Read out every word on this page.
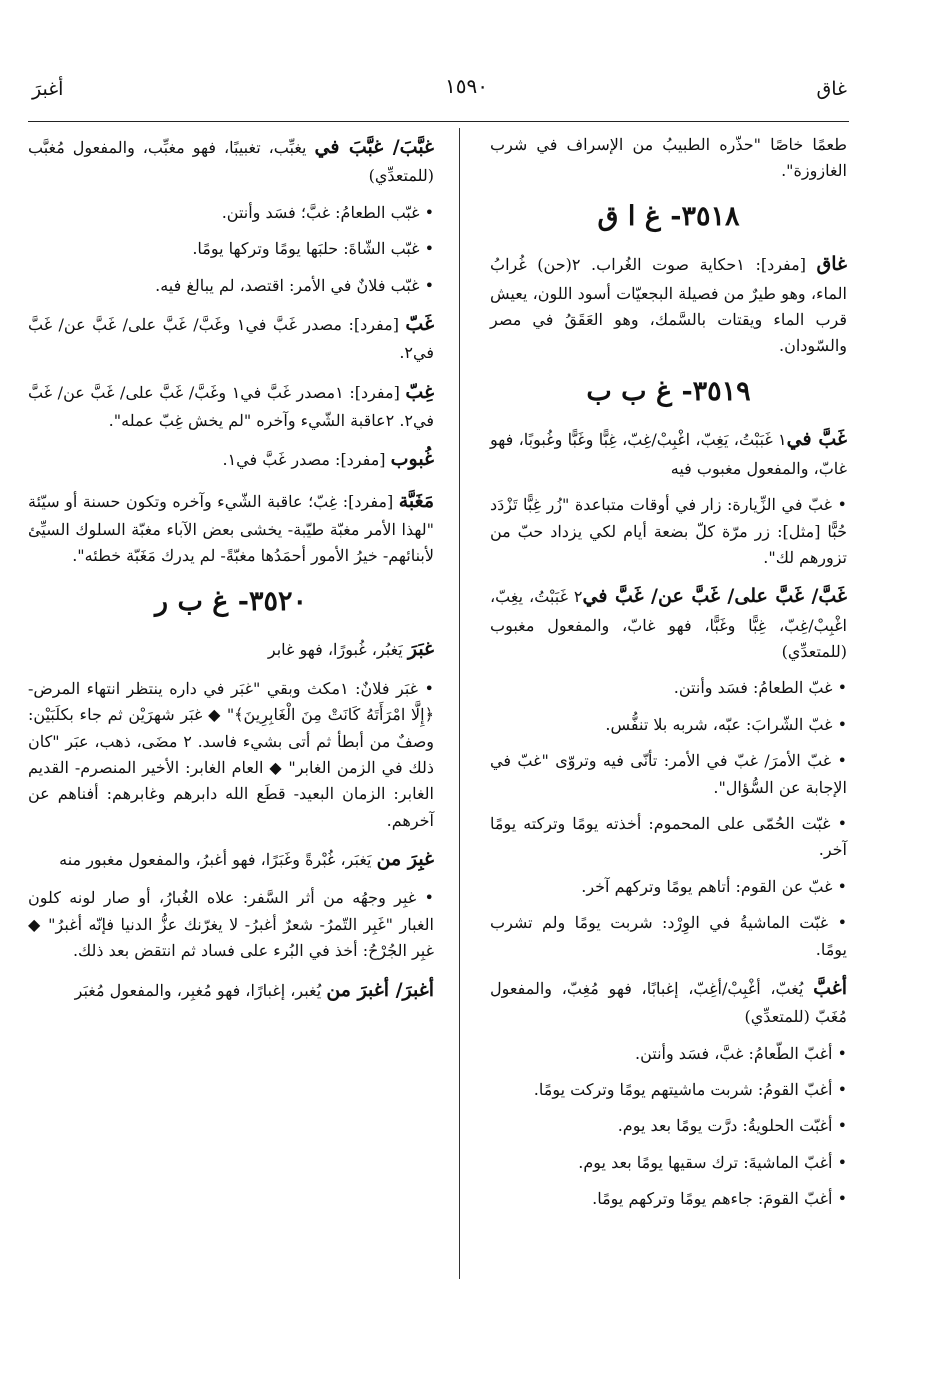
غاق
١٥٩٠
أغبرَ
طعمًا خاصًا "حذّره الطبيبُ من الإسراف في شرب الغازوزة".
٣٥١٨- غ ا ق
غاق [مفرد]: ١حكاية صوت الغُراب. ٢(حن) غُرابُ الماء، وهو طيرٌ من فصيلة البجعيّات أسود اللون، يعيش قرب الماء ويقتات بالسَّمك، وهو العَقَقُ في مصر والسّودان.
٣٥١٩- غ ب ب
غَبَّ في١ غَبَبْتُ، يَغِبّ، اغْبِبْ/غِبّ، غِبًّا وغَبًّا وغُبوبًا، فهو غابّ، والمفعول مغبوب فيه
• غبّ في الزِّيارة: زار في أوقات متباعدة "زُر غِبًّا تَزْدَد حُبًّا [مثل]: زر مرّة كلّ بضعة أيام لكي يزداد حبّ من تزورهم لك".
غَبَّ/ غَبَّ على/ غَبَّ عن/ غَبَّ في٢ غَبَبْتُ، يغِبّ، اغْبِبْ/غِبّ، غِبًّا وغَبًّا، فهو غابّ، والمفعول مغبوب (للمتعدِّي)
• غبّ الطعامُ: فسَد وأنتن.
• غبّ الشّرابَ: عبّه، شربه بلا تنفُّس.
• غبّ الأمرَ/ غبّ في الأمر: تأنّى فيه وتروّى "غبّ في الإجابة عن السُّؤال".
• غبّت الحُمّى على المحموم: أخذته يومًا وتركته يومًا آخر.
• غبّ عن القوم: أتاهم يومًا وتركهم آخر.
• غبّت الماشيةُ في الوِرْد: شربت يومًا ولم تشرب يومًا.
أغبَّ يُغبّ، أغْبِبْ/أغِبّ، إغبابًا، فهو مُغِبّ، والمفعول مُغَبّ (للمتعدِّي)
• أغبّ الطّعامُ: غبَّ، فسَد وأنتن.
• أغبّ القومُ: شربت ماشيتهم يومًا وتركت يومًا.
• أغبّت الحلويةُ: درَّت يومًا بعد يوم.
• أغبّ الماشيةَ: ترك سقيها يومًا بعد يوم.
• أغبّ القومَ: جاءهم يومًا وتركهم يومًا.
غبَّبَ/ غبَّبَ في يغبِّب، تغبيبًا، فهو مغبِّب، والمفعول مُغبَّب (للمتعدِّي)
• غبّب الطعامُ: غبَّ؛ فسَد وأنتن.
• غبّب الشّاةَ: حلبَها يومًا وتركها يومًا.
• غبّب فلانٌ في الأمر: اقتصد، لم يبالغ فيه.
غَبّ [مفرد]: مصدر غَبَّ في١ وغَبَّ/ غَبَّ على/ غَبَّ عن/ غَبَّ في٢.
غِبّ [مفرد]: ١مصدر غَبَّ في١ وغَبَّ/ غَبَّ على/ غَبَّ عن/ غَبَّ في٢. ٢عاقبة الشّيء وآخره "لم يخش غِبّ عمله".
غُبوب [مفرد]: مصدر غَبَّ في١.
مَغَبَّة [مفرد]: غِبّ؛ عاقبة الشّيء وآخره وتكون حسنة أو سيّئة "لهذا الأمر مغبّة طيّبة- يخشى بعض الآباء مغبّة السلوك السيِّئ لأبنائهم- خيرُ الأمور أحمَدُها مغبّةً- لم يدرك مَغَبّة خطئه".
٣٥٢٠- غ ب ر
غبَرَ يَغبُر، غُبورًا، فهو غابر
• غبَر فلانٌ: ١مكث وبقي "غبَر في داره ينتظر انتهاء المرض- ﴿إِلَّا امْرَأَتَهُ كَانَتْ مِنَ الْغَابِرِينَ﴾" ◆ غبَر شهرَيْن ثم جاء بكلَبَيْن: وصفٌ من أبطأ ثم أتى بشيء فاسد. ٢ مضَى، ذهب، عبَر "كان ذلك في الزمن الغابر" ◆ العام الغابر: الأخير المنصرم- القديم الغابر: الزمان البعيد- قطَع الله دابرهم وغابرهم: أفناهم عن آخرهم.
غبِرَ من يَغبَر، غُبْرةً وغَبَرًا، فهو أغبرُ، والمفعول مغبور منه
• غبِر وجهُه من أثر السَّفر: علاه الغُبارُ، أو صار لونه كلون الغبار "غَبِر التّمرُ- شعرٌ أغبرُ- لا يغرّنك عزُّ الدنيا فإنّه أغبرُ" ◆ غبِر الجُرْحُ: أخذ في البُرء على فساد ثم انتقض بعد ذلك.
أغبرَ/ أغبرَ من يُغبر، إغبارًا، فهو مُغبِر، والمفعول مُغبَر
